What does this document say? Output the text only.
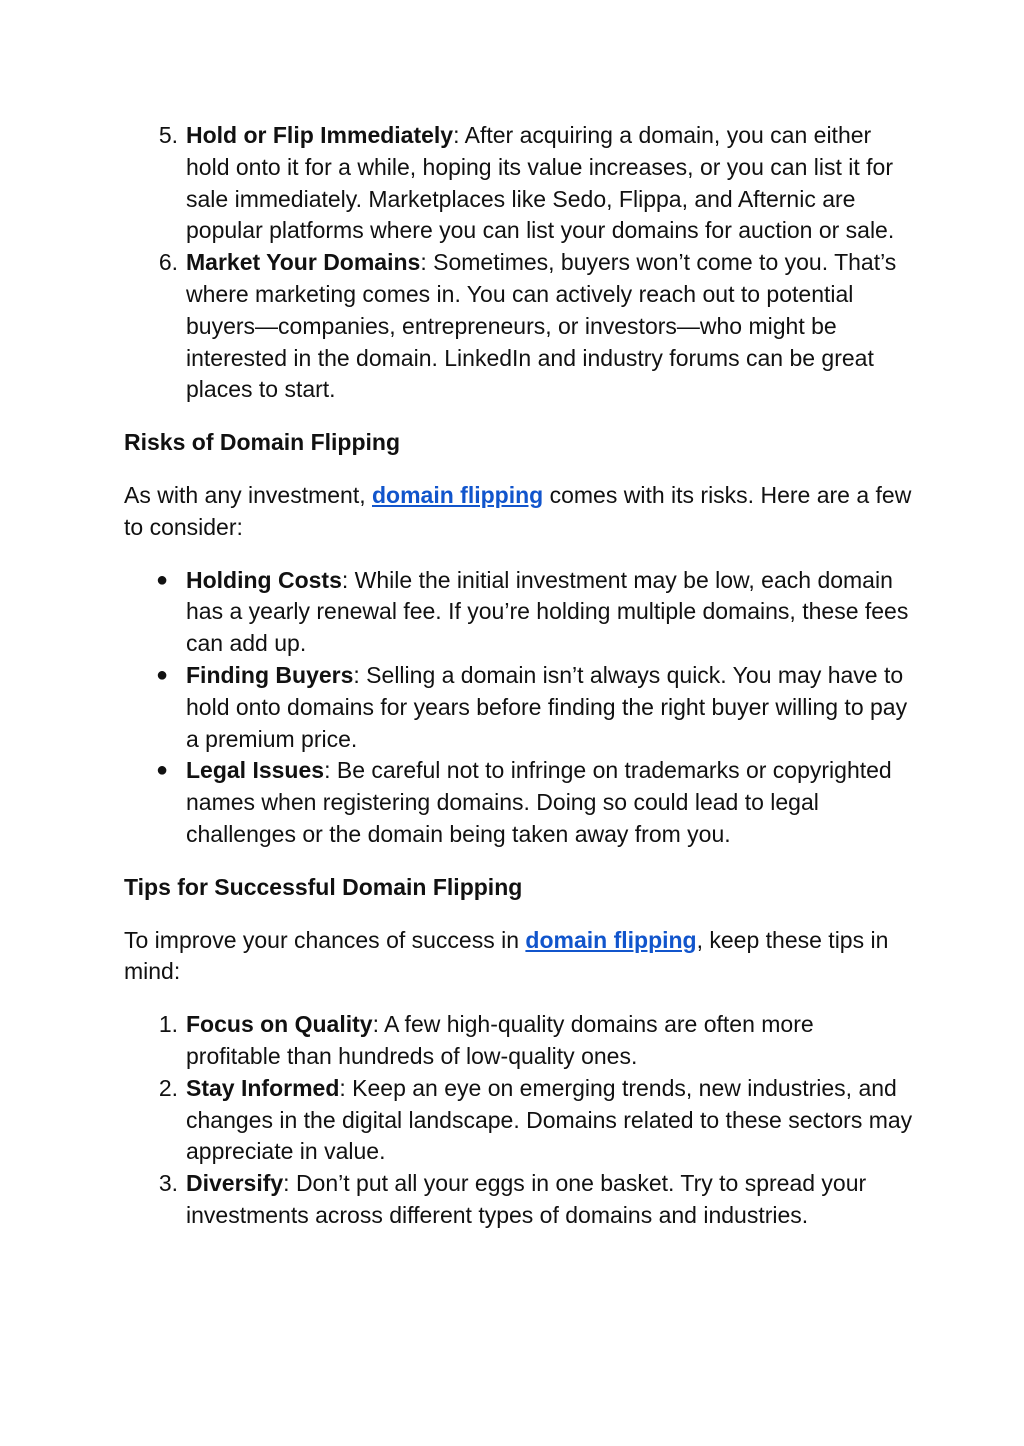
5. Hold or Flip Immediately: After acquiring a domain, you can either hold onto it for a while, hoping its value increases, or you can list it for sale immediately. Marketplaces like Sedo, Flippa, and Afternic are popular platforms where you can list your domains for auction or sale.
6. Market Your Domains: Sometimes, buyers won’t come to you. That’s where marketing comes in. You can actively reach out to potential buyers—companies, entrepreneurs, or investors—who might be interested in the domain. LinkedIn and industry forums can be great places to start.

Risks of Domain Flipping

As with any investment, domain flipping comes with its risks. Here are a few to consider:

● Holding Costs: While the initial investment may be low, each domain has a yearly renewal fee. If you’re holding multiple domains, these fees can add up.
● Finding Buyers: Selling a domain isn’t always quick. You may have to hold onto domains for years before finding the right buyer willing to pay a premium price.
● Legal Issues: Be careful not to infringe on trademarks or copyrighted names when registering domains. Doing so could lead to legal challenges or the domain being taken away from you.

Tips for Successful Domain Flipping

To improve your chances of success in domain flipping, keep these tips in mind:

1. Focus on Quality: A few high-quality domains are often more profitable than hundreds of low-quality ones.
2. Stay Informed: Keep an eye on emerging trends, new industries, and changes in the digital landscape. Domains related to these sectors may appreciate in value.
3. Diversify: Don’t put all your eggs in one basket. Try to spread your investments across different types of domains and industries.
